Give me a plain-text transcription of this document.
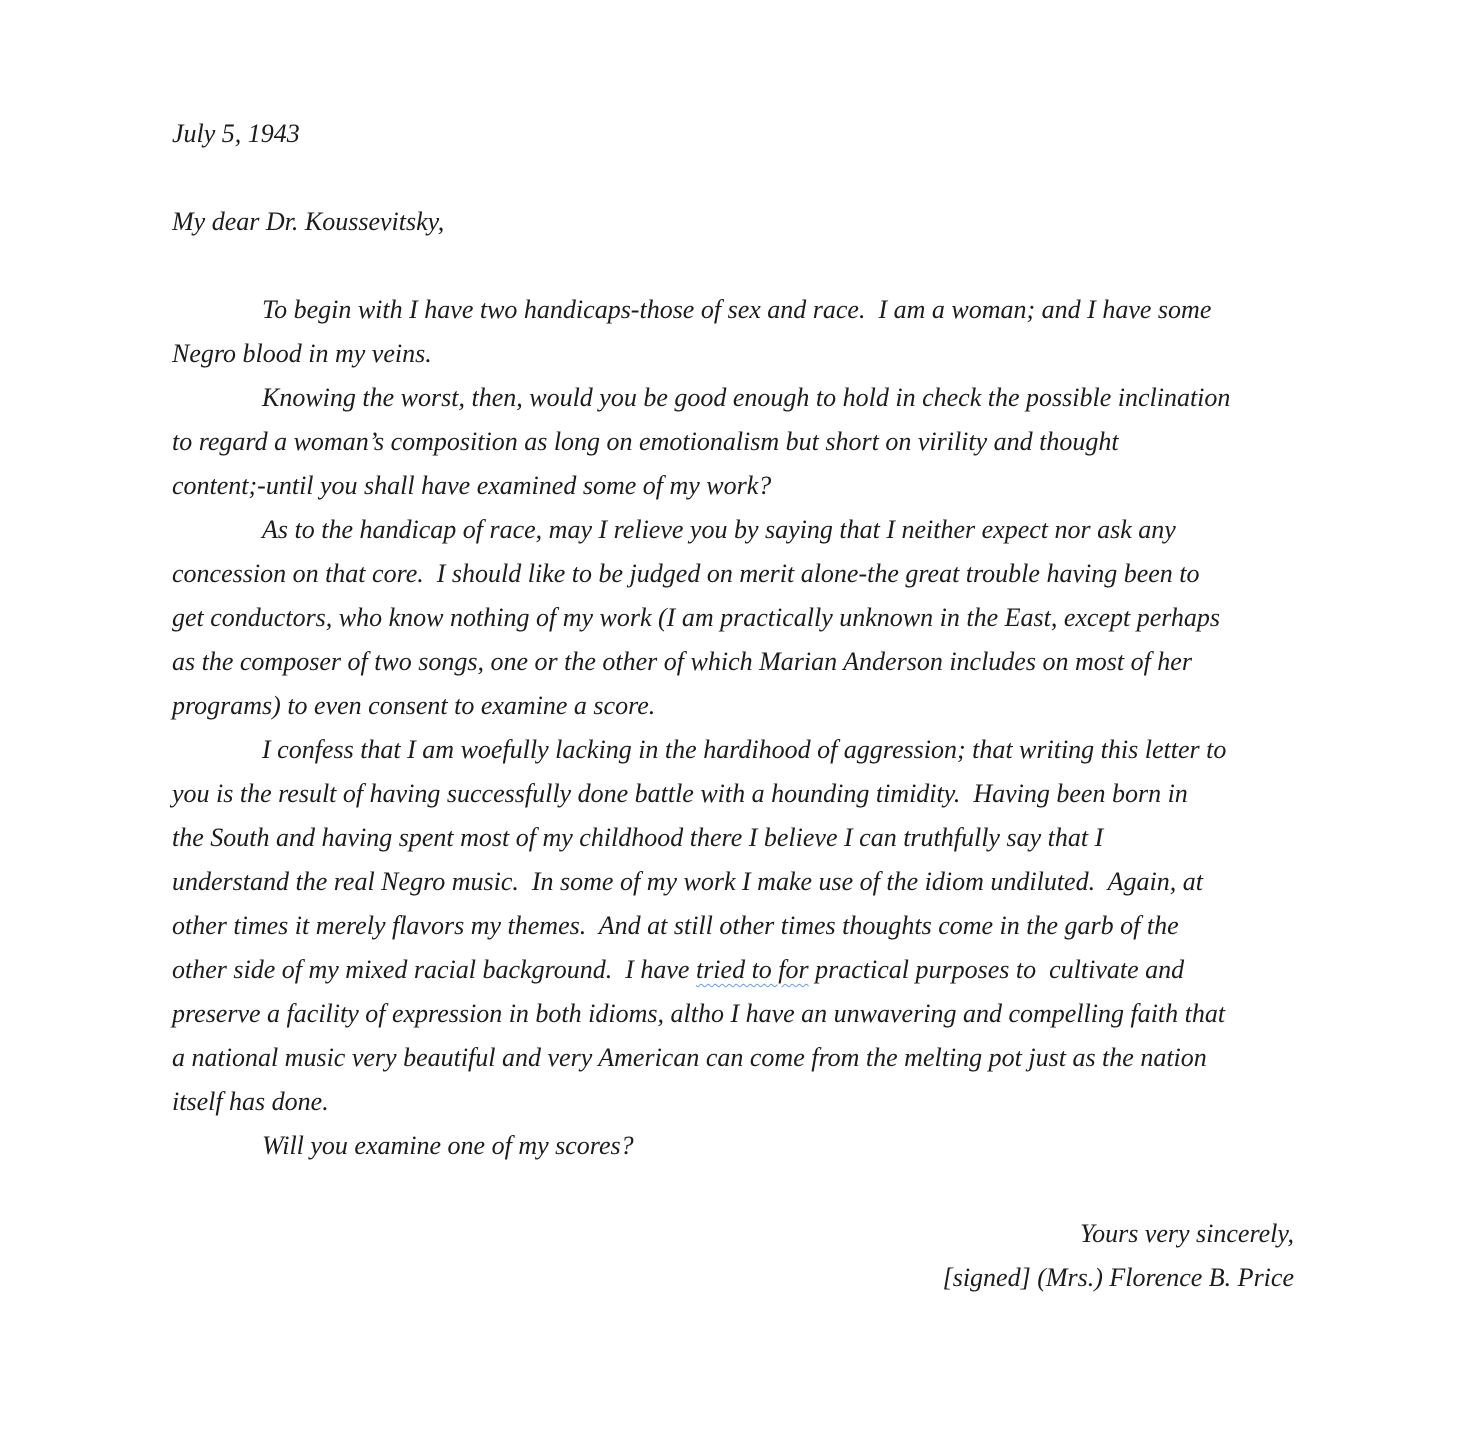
July 5, 1943
My dear Dr. Koussevitsky,
To begin with I have two handicaps-those of sex and race.  I am a woman; and I have some
Negro blood in my veins.
Knowing the worst, then, would you be good enough to hold in check the possible inclination
to regard a woman’s composition as long on emotionalism but short on virility and thought
content;-until you shall have examined some of my work?
As to the handicap of race, may I relieve you by saying that I neither expect nor ask any
concession on that core.  I should like to be judged on merit alone-the great trouble having been to
get conductors, who know nothing of my work (I am practically unknown in the East, except perhaps
as the composer of two songs, one or the other of which Marian Anderson includes on most of her
programs) to even consent to examine a score.
I confess that I am woefully lacking in the hardihood of aggression; that writing this letter to
you is the result of having successfully done battle with a hounding timidity.  Having been born in
the South and having spent most of my childhood there I believe I can truthfully say that I
understand the real Negro music.  In some of my work I make use of the idiom undiluted.  Again, at
other times it merely flavors my themes.  And at still other times thoughts come in the garb of the
other side of my mixed racial background.  I have tried to for practical purposes to  cultivate and
preserve a facility of expression in both idioms, altho I have an unwavering and compelling faith that
a national music very beautiful and very American can come from the melting pot just as the nation
itself has done.
Will you examine one of my scores?
Yours very sincerely,
[signed] (Mrs.) Florence B. Price
